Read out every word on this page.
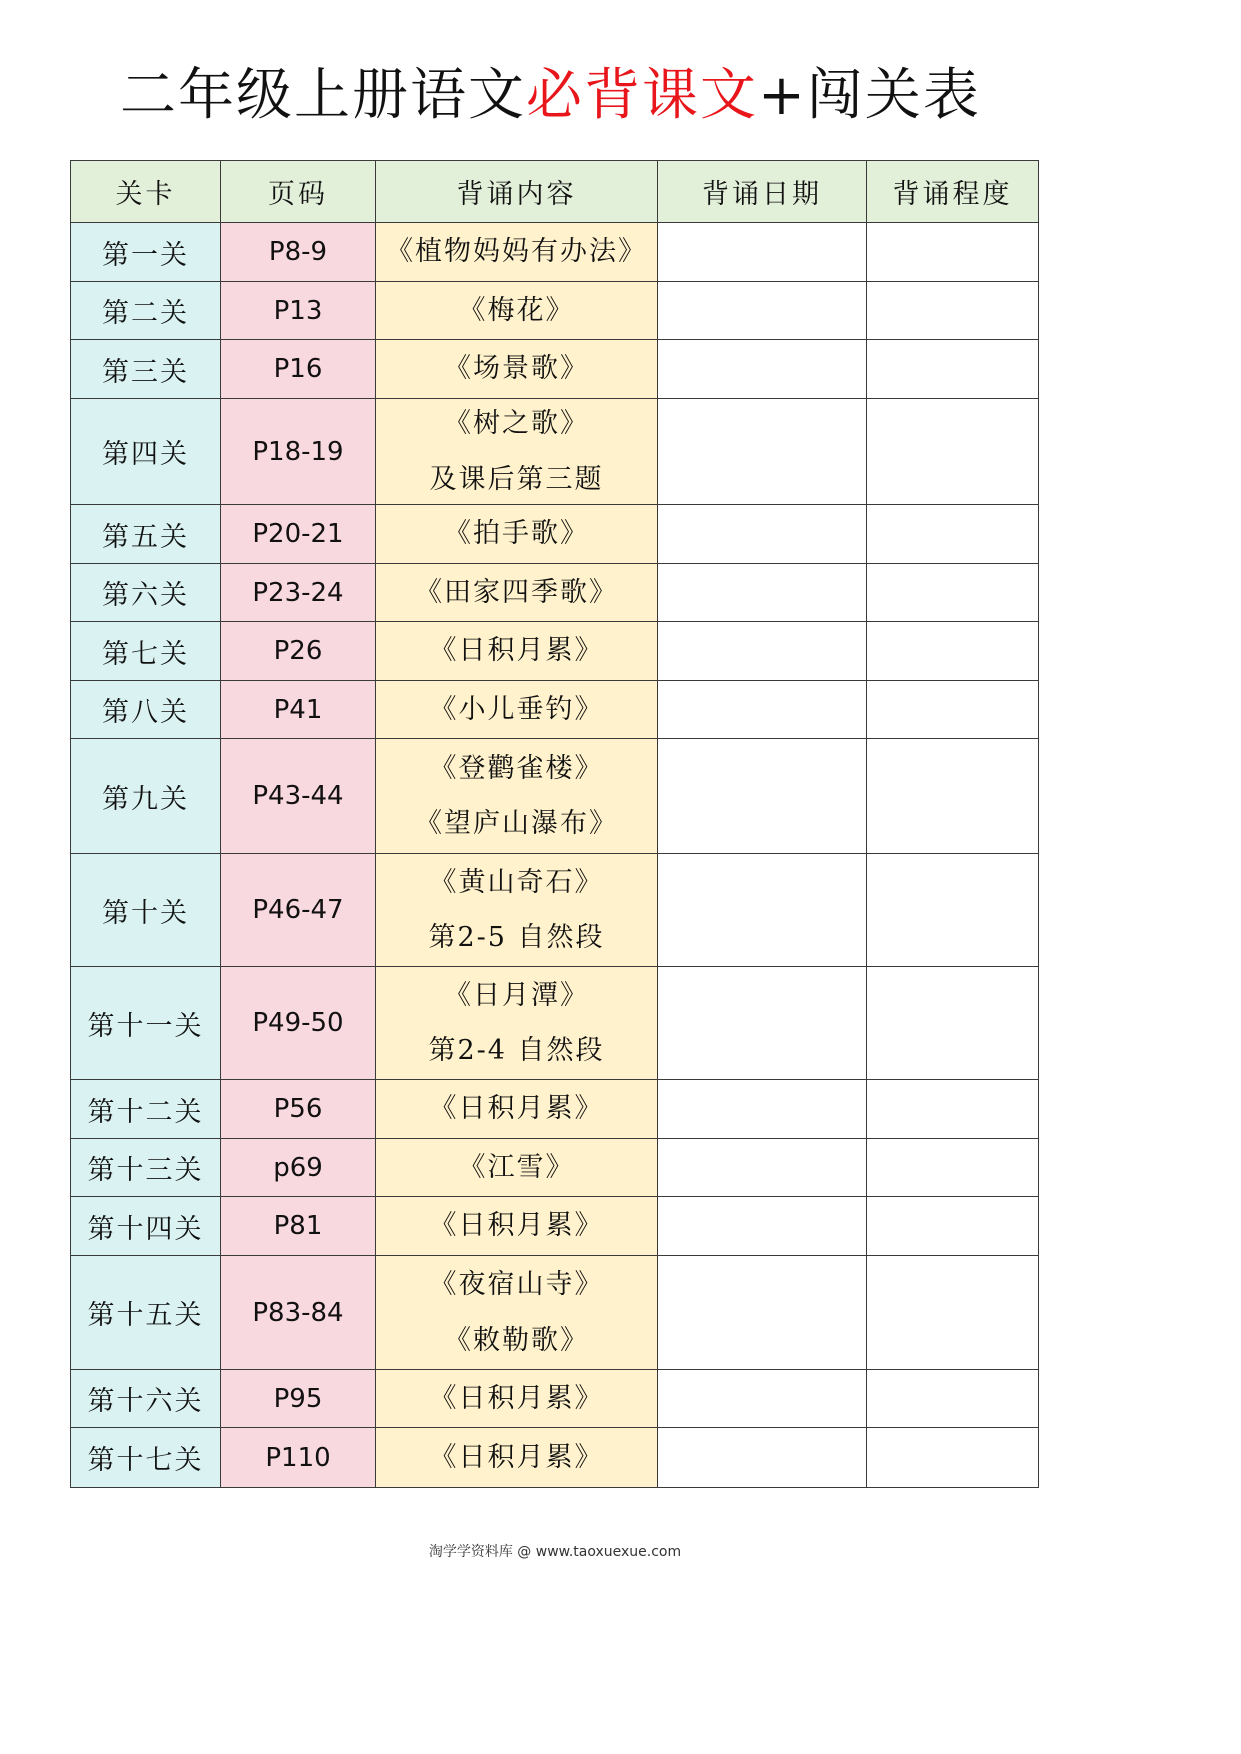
二年级上册语文必背课文+闯关表
关卡	页码	背诵内容	背诵日期	背诵程度
第一关	P8-9	《植物妈妈有办法》		

第二关	P13	《梅花》		

第三关	P16	《场景歌》		

第四关	P18-19	《树之歌》
及课后第三题		

第五关	P20-21	《拍手歌》		

第六关	P23-24	《田家四季歌》		

第七关	P26	《日积月累》		

第八关	P41	《小儿垂钓》		

第九关	P43-44	《登鹳雀楼》
《望庐山瀑布》		

第十关	P46-47	《黄山奇石》
第2-5 自然段		

第十一关	P49-50	《日月潭》
第2-4 自然段		

第十二关	P56	《日积月累》		

第十三关	p69	《江雪》		

第十四关	P81	《日积月累》		

第十五关	P83-84	《夜宿山寺》
《敕勒歌》		

第十六关	P95	《日积月累》		

第十七关	P110	《日积月累》		

淘学学资料库 @ www.taoxuexue.com
